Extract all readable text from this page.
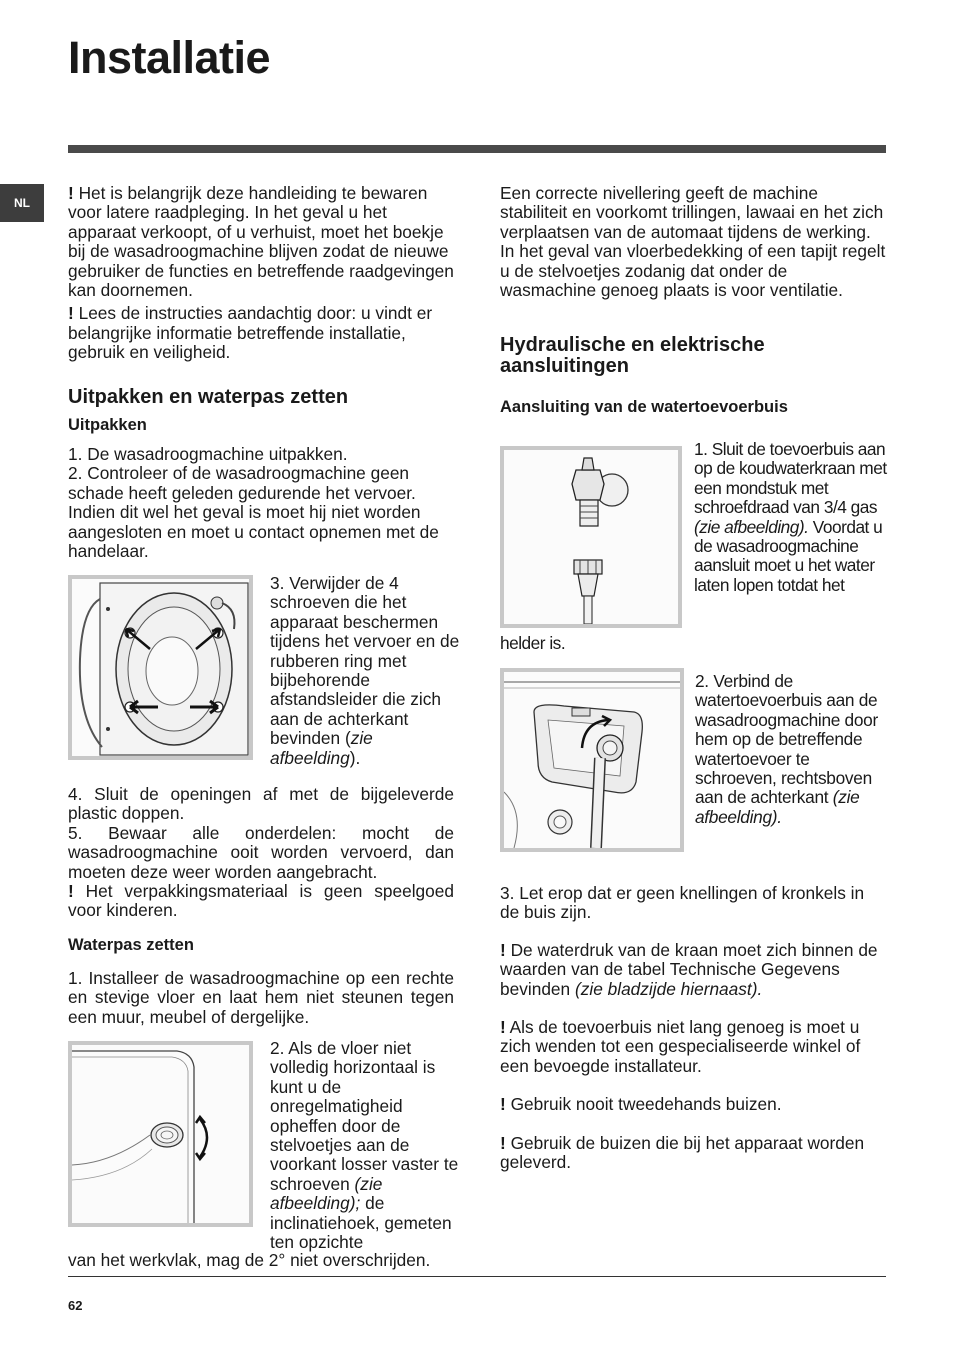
Installatie
NL	! Het is belangrijk deze handleiding te bewaren voor latere raadpleging. In het geval u het apparaat verkoopt, of u verhuist, moet het boekje bij de wasadroogmachine blijven zodat de nieuwe gebruiker de functies en betreffende raadgevingen kan doornemen.

! Lees de instructies aandachtig door: u vindt er belangrijke informatie betreffende installatie, gebruik en veiligheid.

Uitpakken en waterpas zetten
Uitpakken

1. De wasadroogmachine uitpakken.

2. Controleer of de wasadroogmachine geen schade heeft geleden gedurende het vervoer. Indien dit wel het geval is moet hij niet worden aangesloten en moet u contact opnemen met de handelaar.

3. Verwijder de 4 schroeven die het apparaat beschermen tijdens het vervoer en de rubberen ring met bijbehorende afstandsleider die zich aan de achterkant bevinden (zie afbeelding).

4. Sluit de openingen af met de bijgeleverde plastic doppen.

5. Bewaar alle onderdelen: mocht de wasadroogmachine ooit worden vervoerd, dan moeten deze weer worden aangebracht.

! Het verpakkingsmateriaal is geen speelgoed voor kinderen.

Waterpas zetten
1. Installeer de wasadroogmachine op een rechte en stevige vloer en laat hem niet steunen tegen een muur, meubel of dergelijke.

2. Als de vloer niet volledig horizontaal is kunt u de onregelmatigheid opheffen door de stelvoetjes aan de voorkant losser vaster te schroeven (zie afbeelding); de inclinatiehoek, gemeten ten opzichte

van het werkvlak, mag de 2° niet overschrijden.
Een correcte nivellering geeft de machine stabiliteit en voorkomt trillingen, lawaai en het zich verplaatsen van de automaat tijdens de werking. In het geval van vloerbedekking of een tapijt regelt u de stelvoetjes zodanig dat onder de wasmachine genoeg plaats is voor ventilatie.
Hydraulische en elektrische aansluitingen
Aansluiting van de watertoevoerbuis

1. Sluit de toevoerbuis aan op de koudwaterkraan met een mondstuk met schroefdraad van 3/4 gas (zie afbeelding). Voordat u de wasadroogmachine aansluit moet u het water laten lopen totdat het

helder is.

2. Verbind de watertoevoerbuis aan de wasadroogmachine door hem op de betreffende watertoevoer te schroeven, rechtsboven aan de achterkant (zie afbeelding).

3. Let erop dat er geen knellingen of kronkels in de buis zijn.

! De waterdruk van de kraan moet zich binnen de waarden van de tabel Technische Gegevens bevinden (zie bladzijde hiernaast).

! Als de toevoerbuis niet lang genoeg is moet u zich wenden tot een gespecialiseerde winkel of een bevoegde installateur.

! Gebruik nooit tweedehands buizen.

! Gebruik de buizen die bij het apparaat worden geleverd.

62
